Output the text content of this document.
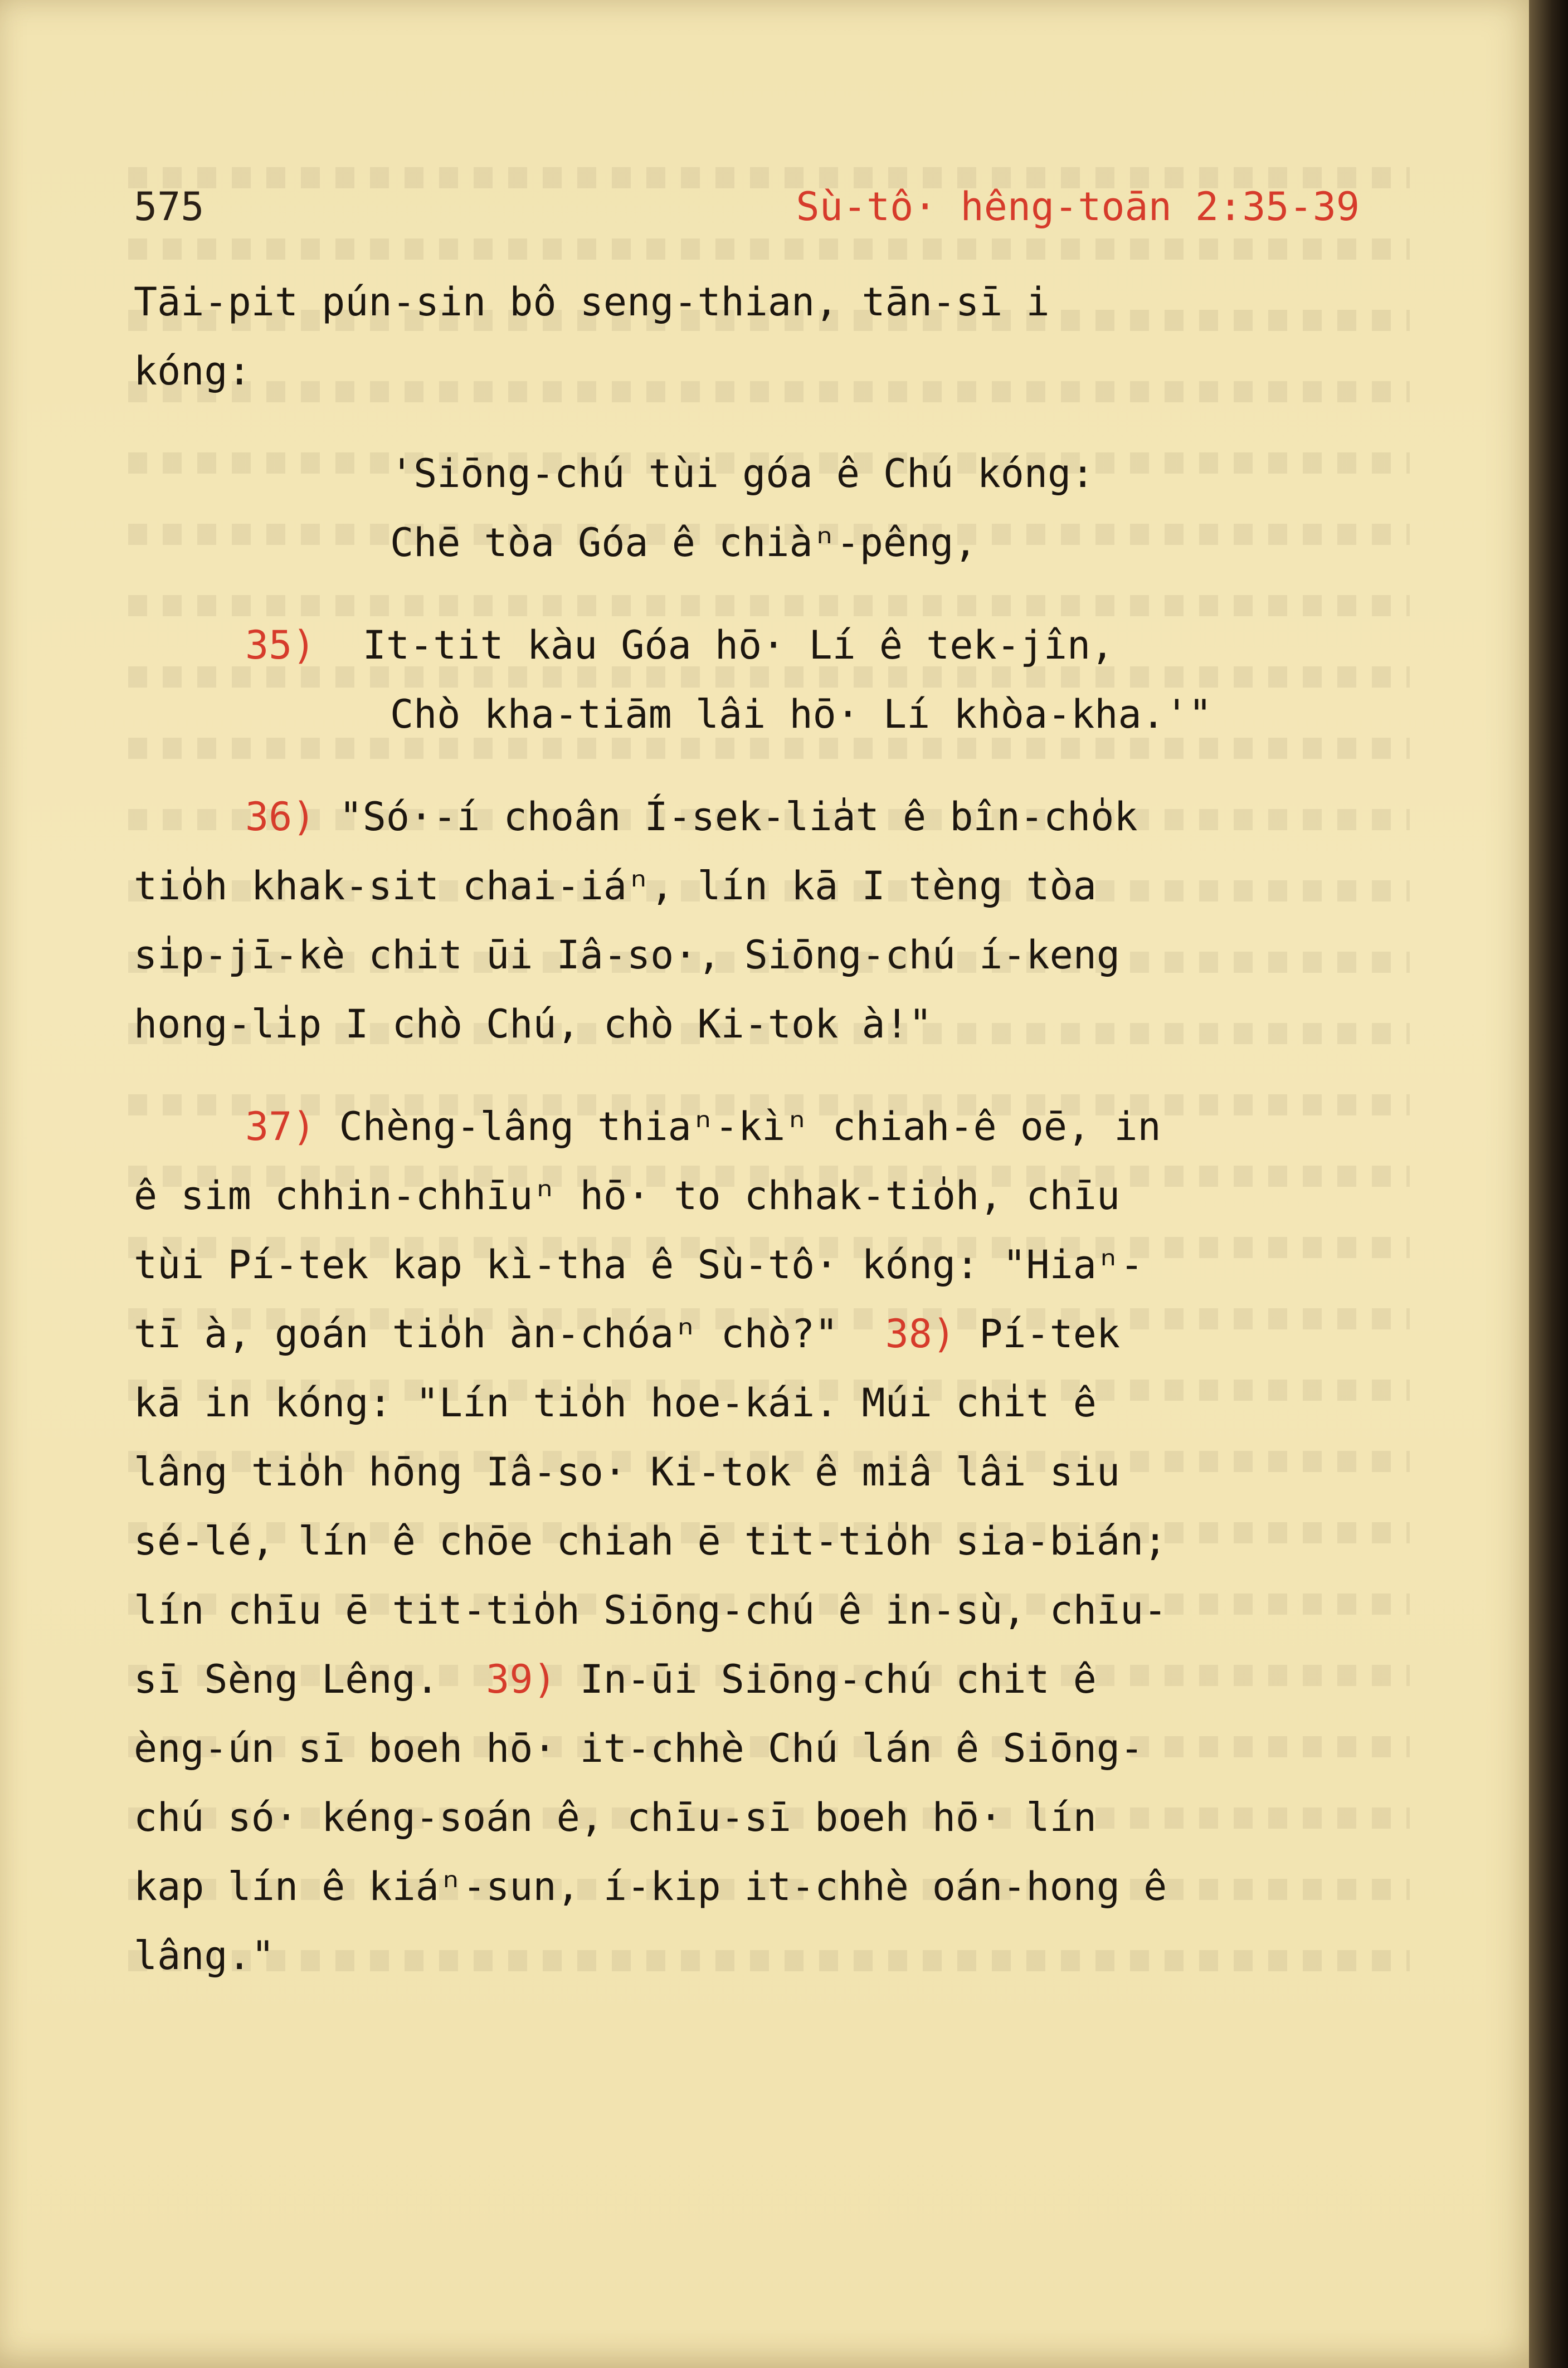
575	Sù-tô· hêng-toān 2:35-39
Tāi-pit pún-sin bô seng-thian, tān-sī i
kóng:
'Siōng-chú tùi góa ê Chú kóng:
Chē tòa Góa ê chiàⁿ-pêng,
35) It-tit kàu Góa hō· Lí ê tek-jîn,
Chò kha-tiām lâi hō· Lí khòa-kha.'"
36) "Só·-í choân Í-sek-lia̍t ê bîn-cho̍k
tio̍h khak-sit chai-iáⁿ, lín kā I tèng tòa
si̍p-jī-kè chit ūi Iâ-so·, Siōng-chú í-keng
hong-li̍p I chò Chú, chò Ki-tok à!"
37) Chèng-lâng thiaⁿ-kìⁿ chiah-ê oē, in
ê sim chhin-chhīuⁿ hō· to chhak-tio̍h, chīu
tùi Pí-tek kap kì-tha ê Sù-tô· kóng: "Hiaⁿ-
tī à, goán tio̍h àn-chóaⁿ chò?" 38) Pí-tek
kā in kóng: "Lín tio̍h hoe-kái. Múi chi̍t ê
lâng tio̍h hōng Iâ-so· Ki-tok ê miâ lâi siu
sé-lé, lín ê chōe chiah ē tit-tio̍h sia-bián;
lín chīu ē tit-tio̍h Siōng-chú ê in-sù, chīu-
sī Sèng Lêng. 39) In-ūi Siōng-chú chit ê
èng-ún sī boeh hō· it-chhè Chú lán ê Siōng-
chú só· kéng-soán ê, chīu-sī boeh hō· lín
kap lín ê kiáⁿ-sun, í-kip it-chhè oán-hong ê
lâng."
